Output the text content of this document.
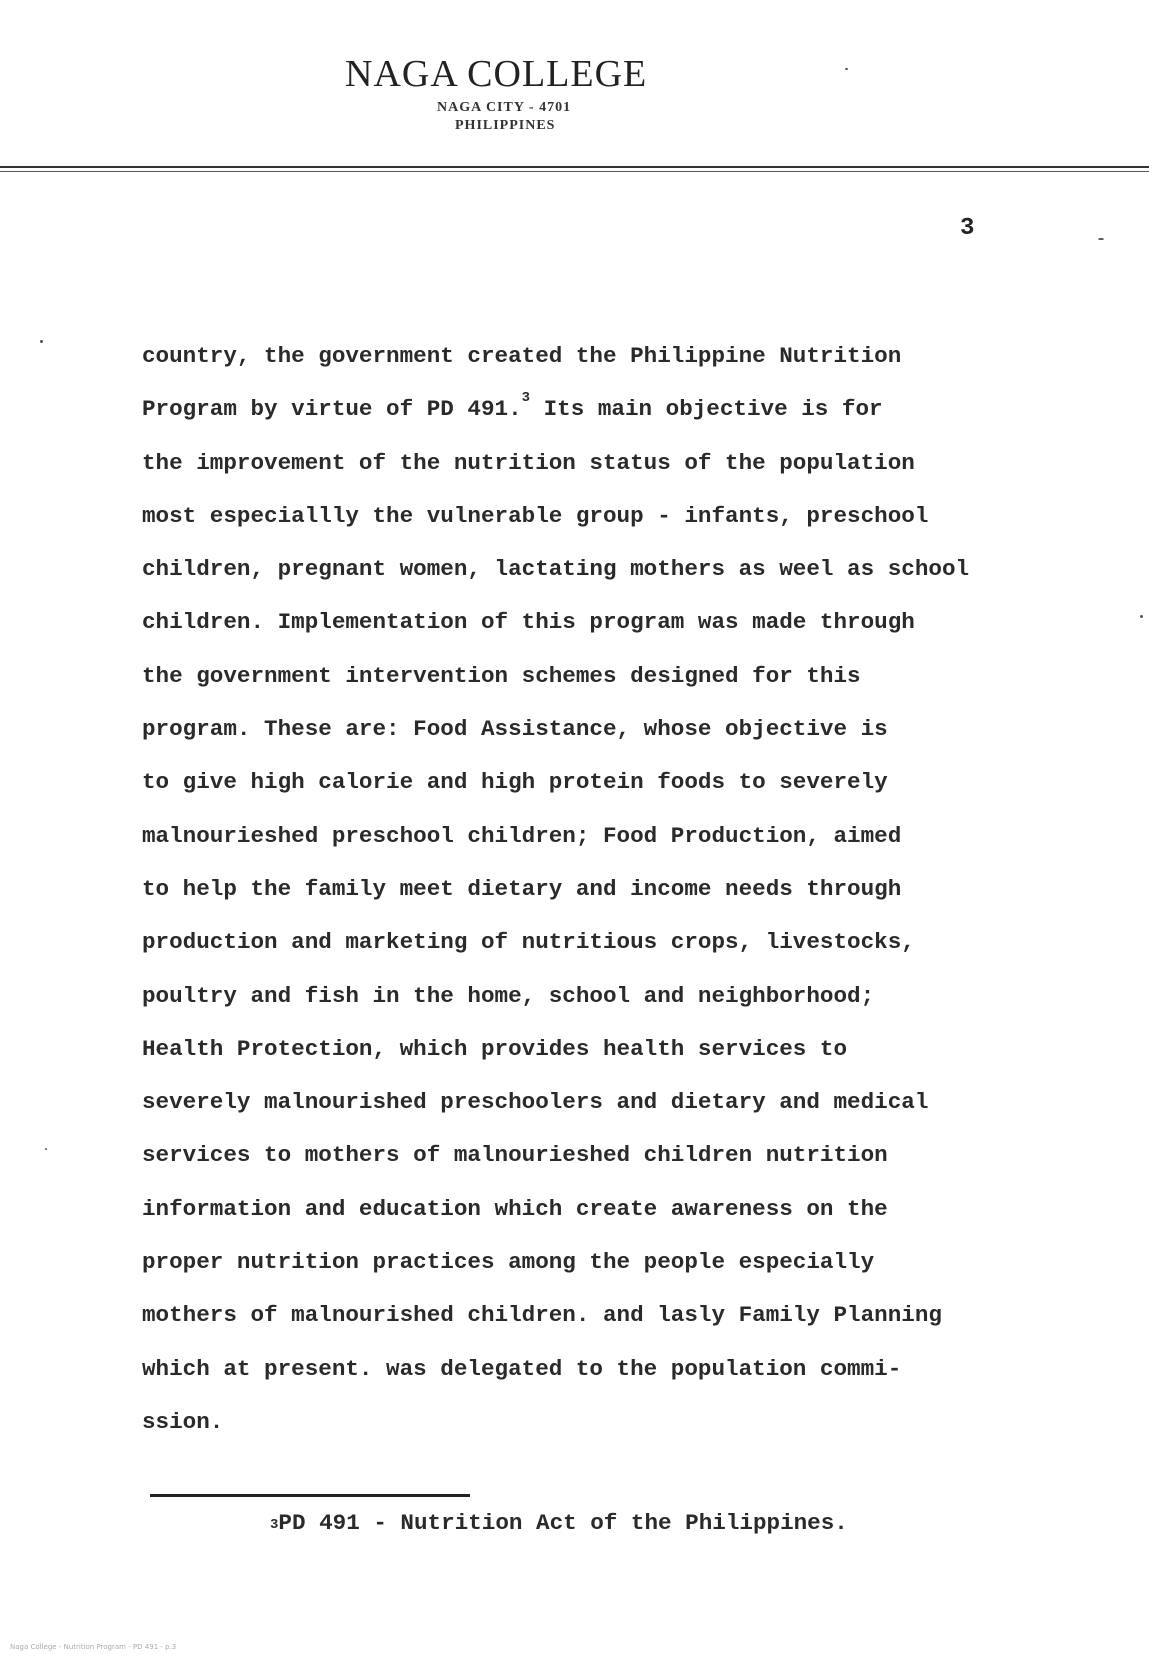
NAGA COLLEGE
NAGA CITY - 4701
PHILIPPINES
3
country, the government created the Philippine Nutrition
Program by virtue of PD 491.$^3$ Its main objective is for
the improvement of the nutrition status of the population
most especiallly the vulnerable group - infants, preschool
children, pregnant women, lactating mothers as weel as school
children. Implementation of this program was made through
the government intervention schemes designed for this
program. These are: Food Assistance, whose objective is
to give high calorie and high protein foods to severely
malnourieshed preschool children; Food Production, aimed
to help the family meet dietary and income needs through
production and marketing of nutritious crops, livestocks,
poultry and fish in the home, school and neighborhood;
Health Protection, which provides health services to
severely malnourished preschoolers and dietary and medical
services to mothers of malnourieshed children nutrition
information and education which create awareness on the
proper nutrition practices among the people especially
mothers of malnourished children. and lasly Family Planning
which at present. was delegated to the population commi-
ssion.
$^3$PD 491 - Nutrition Act of the Philippines.
Naga College - Nutrition Program - PD 491 - p.3
